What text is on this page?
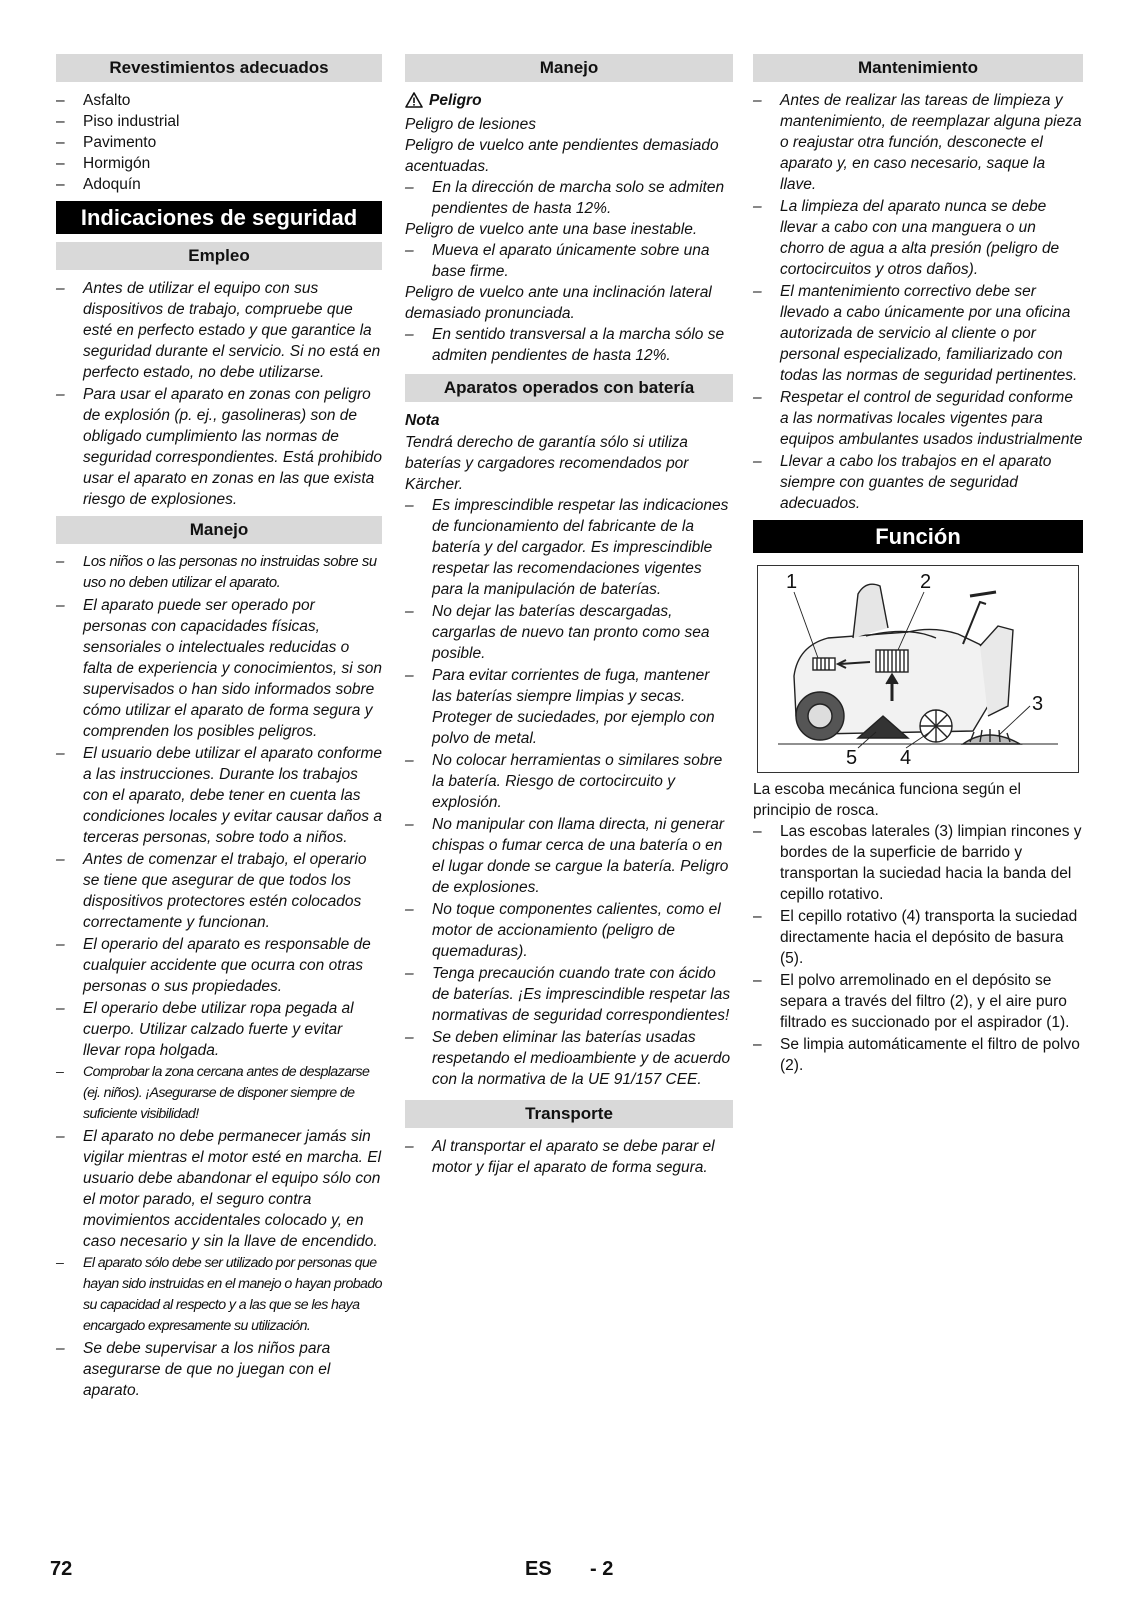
Revestimientos adecuados
– Asfalto
– Piso industrial
– Pavimento
– Hormigón
– Adoquín
Indicaciones de seguridad
Empleo
– Antes de utilizar el equipo con sus dispositivos de trabajo, compruebe que esté en perfecto estado y que garantice la seguridad durante el servicio. Si no está en perfecto estado, no debe utilizarse.
– Para usar el aparato en zonas con peligro de explosión (p. ej., gasolineras) son de obligado cumplimiento las normas de seguridad correspondientes. Está prohibido usar el aparato en zonas en las que exista riesgo de explosiones.
Manejo
– Los niños o las personas no instruidas sobre su uso no deben utilizar el aparato.
– El aparato puede ser operado por personas con capacidades físicas, sensoriales o intelectuales reducidas o falta de experiencia y conocimientos, si son supervisados o han sido informados sobre cómo utilizar el aparato de forma segura y comprenden los posibles peligros.
– El usuario debe utilizar el aparato conforme a las instrucciones. Durante los trabajos con el aparato, debe tener en cuenta las condiciones locales y evitar causar daños a terceras personas, sobre todo a niños.
– Antes de comenzar el trabajo, el operario se tiene que asegurar de que todos los dispositivos protectores estén colocados correctamente y funcionan.
– El operario del aparato es responsable de cualquier accidente que ocurra con otras personas o sus propiedades.
– El operario debe utilizar ropa pegada al cuerpo. Utilizar calzado fuerte y evitar llevar ropa holgada.
– Comprobar la zona cercana antes de desplazarse (ej. niños). ¡Asegurarse de disponer siempre de suficiente visibilidad!
– El aparato no debe permanecer jamás sin vigilar mientras el motor esté en marcha. El usuario debe abandonar el equipo sólo con el motor parado, el seguro contra movimientos accidentales colocado y, en caso necesario y sin la llave de encendido.
– El aparato sólo debe ser utilizado por personas que hayan sido instruidas en el manejo o hayan probado su capacidad al respecto y a las que se les haya encargado expresamente su utilización.
– Se debe supervisar a los niños para asegurarse de que no juegan con el aparato.
Manejo
Peligro

Peligro de lesiones

Peligro de vuelco ante pendientes demasiado acentuadas.

– En la dirección de marcha solo se admiten pendientes de hasta 12%.

Peligro de vuelco ante una base inestable.

– Mueva el aparato únicamente sobre una base firme.

Peligro de vuelco ante una inclinación lateral demasiado pronunciada.

– En sentido transversal a la marcha sólo se admiten pendientes de hasta 12%.
Aparatos operados con batería
Nota

Tendrá derecho de garantía sólo si utiliza baterías y cargadores recomendados por Kärcher.

– Es imprescindible respetar las indicaciones de funcionamiento del fabricante de la batería y del cargador. Es imprescindible respetar las recomendaciones vigentes para la manipulación de baterías.
– No dejar las baterías descargadas, cargarlas de nuevo tan pronto como sea posible.
– Para evitar corrientes de fuga, mantener las baterías siempre limpias y secas. Proteger de suciedades, por ejemplo con polvo de metal.
– No colocar herramientas o similares sobre la batería. Riesgo de cortocircuito y explosión.
– No manipular con llama directa, ni generar chispas o fumar cerca de una batería o en el lugar donde se cargue la batería. Peligro de explosiones.
– No toque componentes calientes, como el motor de accionamiento (peligro de quemaduras).
– Tenga precaución cuando trate con ácido de baterías. ¡Es imprescindible respetar las normativas de seguridad correspondientes!
– Se deben eliminar las baterías usadas respetando el medioambiente y de acuerdo con la normativa de la UE 91/157 CEE.
Transporte
– Al transportar el aparato se debe parar el motor y fijar el aparato de forma segura.
Mantenimiento
– Antes de realizar las tareas de limpieza y mantenimiento, de reemplazar alguna pieza o reajustar otra función, desconecte el aparato y, en caso necesario, saque la llave.
– La limpieza del aparato nunca se debe llevar a cabo con una manguera o un chorro de agua a alta presión (peligro de cortocircuitos y otros daños).
– El mantenimiento correctivo debe ser llevado a cabo únicamente por una oficina autorizada de servicio al cliente o por personal especializado, familiarizado con todas las normas de seguridad pertinentes.
– Respetar el control de seguridad conforme a las normativas locales vigentes para equipos ambulantes usados industrialmente
– Llevar a cabo los trabajos en el aparato siempre con guantes de seguridad adecuados.
Función
1	2
3
4
5

La escoba mecánica funciona según el principio de rosca.

– Las escobas laterales (3) limpian rincones y bordes de la superficie de barrido y transportan la suciedad hacia la banda del cepillo rotativo.
– El cepillo rotativo (4) transporta la suciedad directamente hacia el depósito de basura (5).
– El polvo arremolinado en el depósito se separa a través del filtro (2), y el aire puro filtrado es succionado por el aspirador (1).
– Se limpia automáticamente el filtro de polvo (2).
72	ES - 2
